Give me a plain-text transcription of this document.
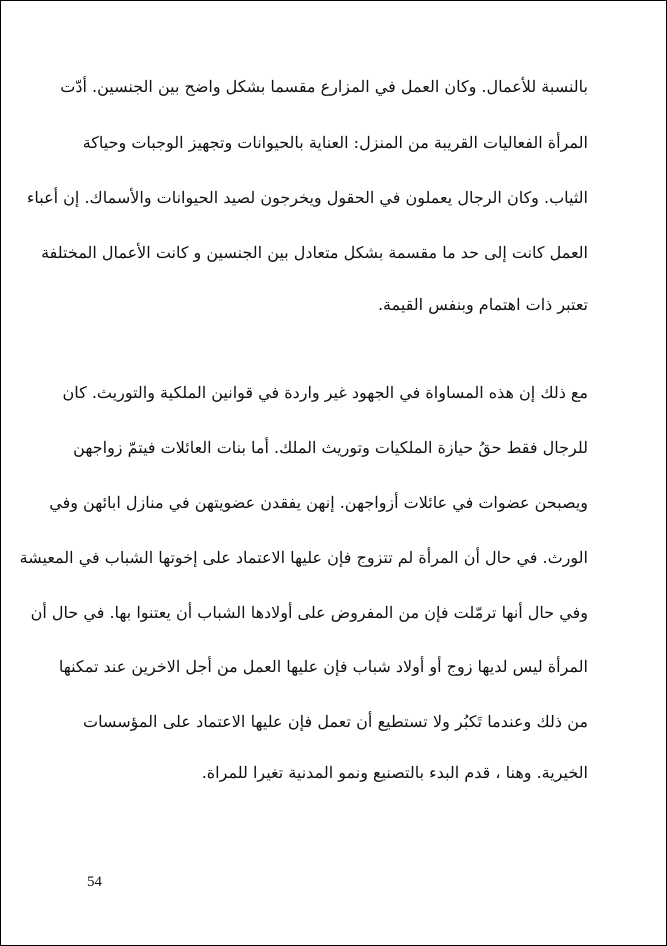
بالنسبة للأعمال. وكان العمل في المزارع مقسما بشكل واضح بين الجنسين. أدّت
المرأة الفعاليات القريبة من المنزل: العناية بالحيوانات وتجهيز الوجبات وحياكة
الثياب. وكان الرجال يعملون في الحقول ويخرجون لصيد الحيوانات والأسماك. إن أعباء
العمل كانت إلى حد ما مقسمة بشكل متعادل بين الجنسين و كانت الأعمال المختلفة
تعتبر ذات اهتمام وبنفس القيمة.
مع ذلك إن هذه المساواة في الجهود غير واردة في قوانين الملكية والتوريث. كان
للرجال فقط حقُ حيازة الملكيات وتوريث الملك. أما بنات العائلات فيتمّ زواجهن
ويصبحن عضوات في عائلات أزواجهن. إنهن يفقدن عضويتهن في منازل ابائهن وفي
الورث. في حال أن المرأة لم تتزوج فإن عليها الاعتماد على إخوتها الشباب في المعيشة
وفي حال أنها ترمّلت فإن من المفروض على أولادها الشباب أن يعتنوا بها. في حال أن
المرأة ليس لديها زوج أو أولاد شباب فإن عليها العمل من أجل الاخرين عند تمكنها
من ذلك وعندما تَكبُر ولا تستطيع أن تعمل فإن عليها الاعتماد على المؤسسات
الخيرية. وهنا ، قدم البدء بالتصنيع ونمو المدنية تغيرا للمراة.
54
